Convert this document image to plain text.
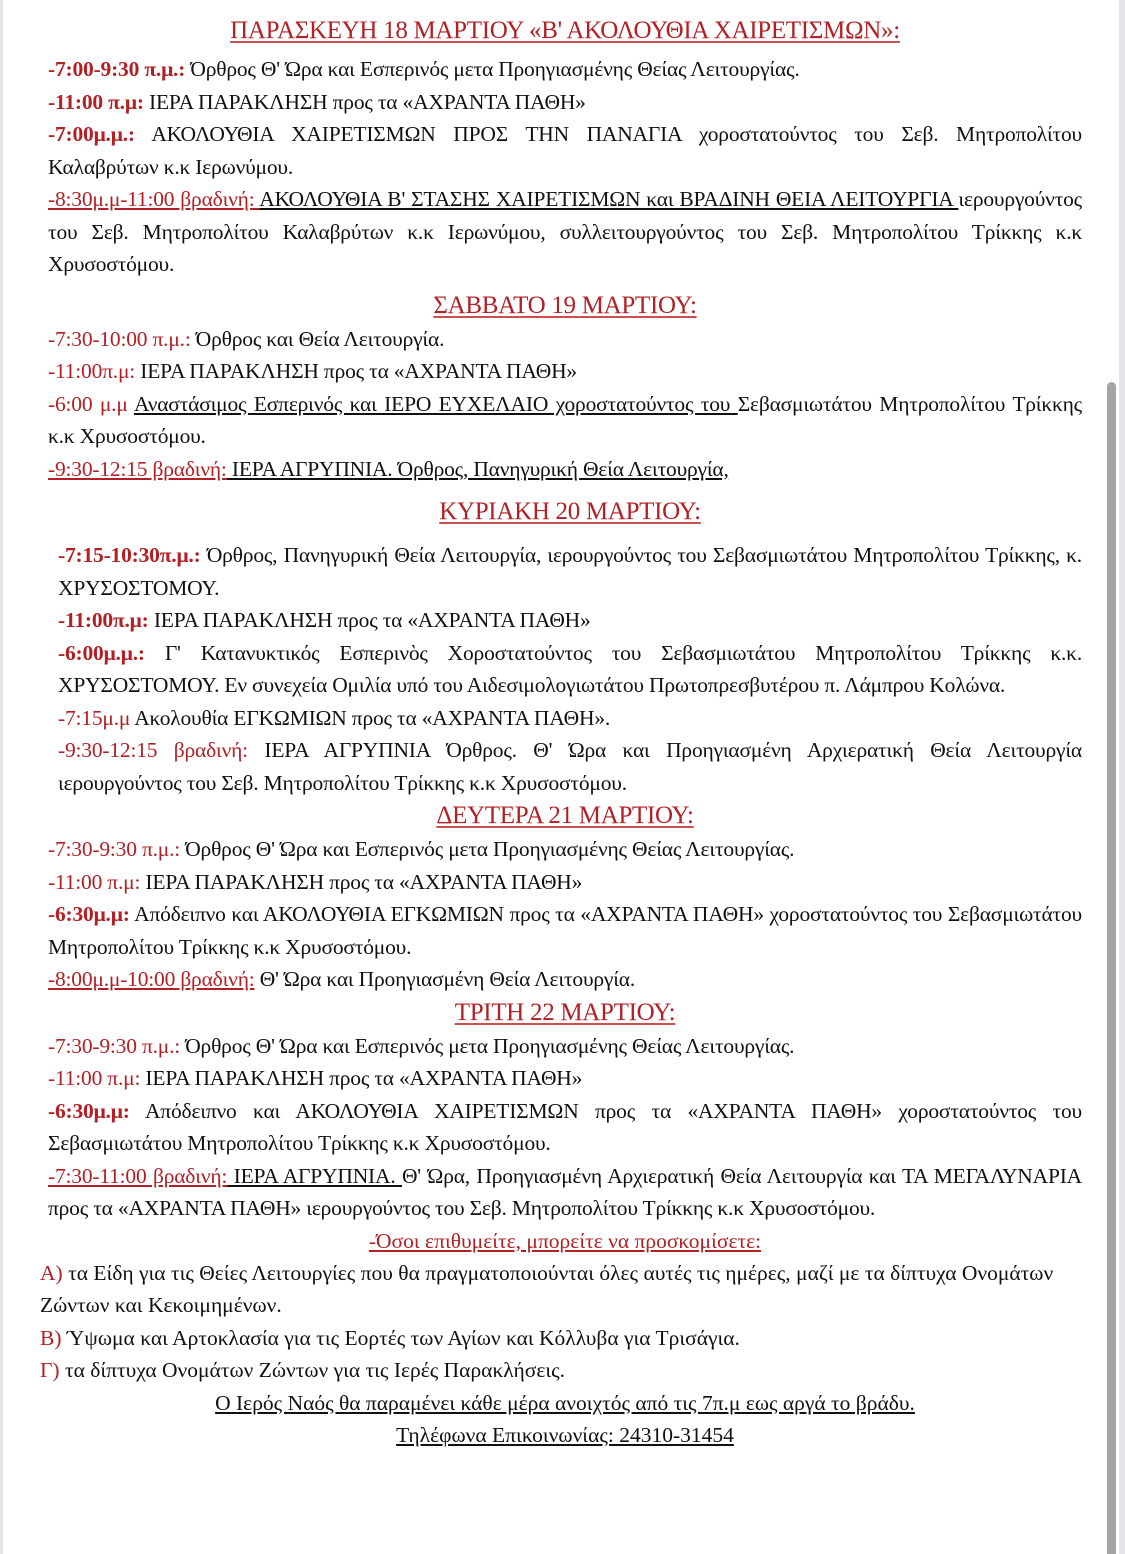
ΠΑΡΑΣΚΕΥΗ 18 ΜΑΡΤΙΟΥ «Β' ΑΚΟΛΟΥΘΙΑ ΧΑΙΡΕΤΙΣΜΩΝ»:

-7:00-9:30 π.μ.: Όρθρος Θ' Ώρα και Εσπερινός μετα Προηγιασμένης Θείας Λειτουργίας.

-11:00 π.μ: ΙΕΡΑ ΠΑΡΑΚΛΗΣΗ προς τα «ΑΧΡΑΝΤΑ ΠΑΘΗ»

-7:00μ.μ.: ΑΚΟΛΟΥΘΙΑ ΧΑΙΡΕΤΙΣΜΩΝ ΠΡΟΣ ΤΗΝ ΠΑΝΑΓΙΑ χοροστατούντος του Σεβ. Μητροπολίτου Καλαβρύτων κ.κ Ιερωνύμου.

-8:30μ.μ-11:00 βραδινή: ΑΚΟΛΟΥΘΙΑ Β' ΣΤΑΣΗΣ ΧΑΙΡΕΤΙΣΜΩΝ και ΒΡΑΔΙΝΗ ΘΕΙΑ ΛΕΙΤΟΥΡΓΙΑ ιερουργούντος του Σεβ. Μητροπολίτου Καλαβρύτων κ.κ Ιερωνύμου, συλλειτουργούντος του Σεβ. Μητροπολίτου Τρίκκης κ.κ Χρυσοστόμου.

ΣΑΒΒΑΤΟ 19 ΜΑΡΤΙΟΥ:

-7:30-10:00 π.μ.: Όρθρος και Θεία Λειτουργία.

-11:00π.μ: ΙΕΡΑ ΠΑΡΑΚΛΗΣΗ προς τα «ΑΧΡΑΝΤΑ ΠΑΘΗ»

-6:00 μ.μ Αναστάσιμος Εσπερινός και ΙΕΡΟ ΕΥΧΕΛΑΙΟ χοροστατούντος του Σεβασμιωτάτου Μητροπολίτου Τρίκκης κ.κ Χρυσοστόμου.

-9:30-12:15 βραδινή: ΙΕΡΑ ΑΓΡΥΠΝΙΑ. Όρθρος, Πανηγυρική Θεία Λειτουργία,

ΚΥΡΙΑΚΗ 20 ΜΑΡΤΙΟΥ:

-7:15-10:30π.μ.: Όρθρος, Πανηγυρική Θεία Λειτουργία, ιερουργούντος του Σεβασμιωτάτου Μητροπολίτου Τρίκκης, κ. ΧΡΥΣΟΣΤΟΜΟΥ.

-11:00π.μ: ΙΕΡΑ ΠΑΡΑΚΛΗΣΗ προς τα «ΑΧΡΑΝΤΑ ΠΑΘΗ»

-6:00μ.μ.: Γ' Κατανυκτικός Εσπερινὸς Χοροστατούντος του Σεβασμιωτάτου Μητροπολίτου Τρίκκης κ.κ. ΧΡΥΣΟΣΤΟΜΟΥ. Εν συνεχεία Ομιλία υπό του Αιδεσιμολογιωτάτου Πρωτοπρεσβυτέρου π. Λάμπρου Κολώνα.

-7:15μ.μ Ακολουθία ΕΓΚΩΜΙΩΝ προς τα «ΑΧΡΑΝΤΑ ΠΑΘΗ».

-9:30-12:15 βραδινή: ΙΕΡΑ ΑΓΡΥΠΝΙΑ Όρθρος. Θ' Ώρα και Προηγιασμένη Αρχιερατική Θεία Λειτουργία ιερουργούντος του Σεβ. Μητροπολίτου Τρίκκης κ.κ Χρυσοστόμου.

ΔΕΥΤΕΡΑ 21 ΜΑΡΤΙΟΥ:

-7:30-9:30 π.μ.: Όρθρος Θ' Ώρα και Εσπερινός μετα Προηγιασμένης Θείας Λειτουργίας.

-11:00 π.μ: ΙΕΡΑ ΠΑΡΑΚΛΗΣΗ προς τα «ΑΧΡΑΝΤΑ ΠΑΘΗ»

-6:30μ.μ: Απόδειπνο και ΑΚΟΛΟΥΘΙΑ ΕΓΚΩΜΙΩΝ προς τα «ΑΧΡΑΝΤΑ ΠΑΘΗ» χοροστατούντος του Σεβασμιωτάτου Μητροπολίτου Τρίκκης κ.κ Χρυσοστόμου.

-8:00μ.μ-10:00 βραδινή: Θ' Ώρα και Προηγιασμένη Θεία Λειτουργία.

ΤΡΙΤΗ 22 ΜΑΡΤΙΟΥ:

-7:30-9:30 π.μ.: Όρθρος Θ' Ώρα και Εσπερινός μετα Προηγιασμένης Θείας Λειτουργίας.

-11:00 π.μ: ΙΕΡΑ ΠΑΡΑΚΛΗΣΗ προς τα «ΑΧΡΑΝΤΑ ΠΑΘΗ»

-6:30μ.μ: Απόδειπνο και ΑΚΟΛΟΥΘΙΑ ΧΑΙΡΕΤΙΣΜΩΝ προς τα «ΑΧΡΑΝΤΑ ΠΑΘΗ» χοροστατούντος του Σεβασμιωτάτου Μητροπολίτου Τρίκκης κ.κ Χρυσοστόμου.

-7:30-11:00 βραδινή: ΙΕΡΑ ΑΓΡΥΠΝΙΑ. Θ' Ώρα, Προηγιασμένη Αρχιερατική Θεία Λειτουργία και ΤΑ ΜΕΓΑΛΥΝΑΡΙΑ προς τα «ΑΧΡΑΝΤΑ ΠΑΘΗ» ιερουργούντος του Σεβ. Μητροπολίτου Τρίκκης κ.κ Χρυσοστόμου.

-Όσοι επιθυμείτε, μπορείτε να προσκομίσετε:

Α) τα Είδη για τις Θείες Λειτουργίες που θα πραγματοποιούνται όλες αυτές τις ημέρες, μαζί με τα δίπτυχα Ονομάτων Ζώντων και Κεκοιμημένων.

Β) Ύψωμα και Αρτοκλασία για τις Εορτές των Αγίων και Κόλλυβα για Τρισάγια.

Γ) τα δίπτυχα Ονομάτων Ζώντων για τις Ιερές Παρακλήσεις.

Ο Ιερός Ναός θα παραμένει κάθε μέρα ανοιχτός από τις 7π.μ εως αργά το βράδυ.

Τηλέφωνα Επικοινωνίας: 24310-31454
